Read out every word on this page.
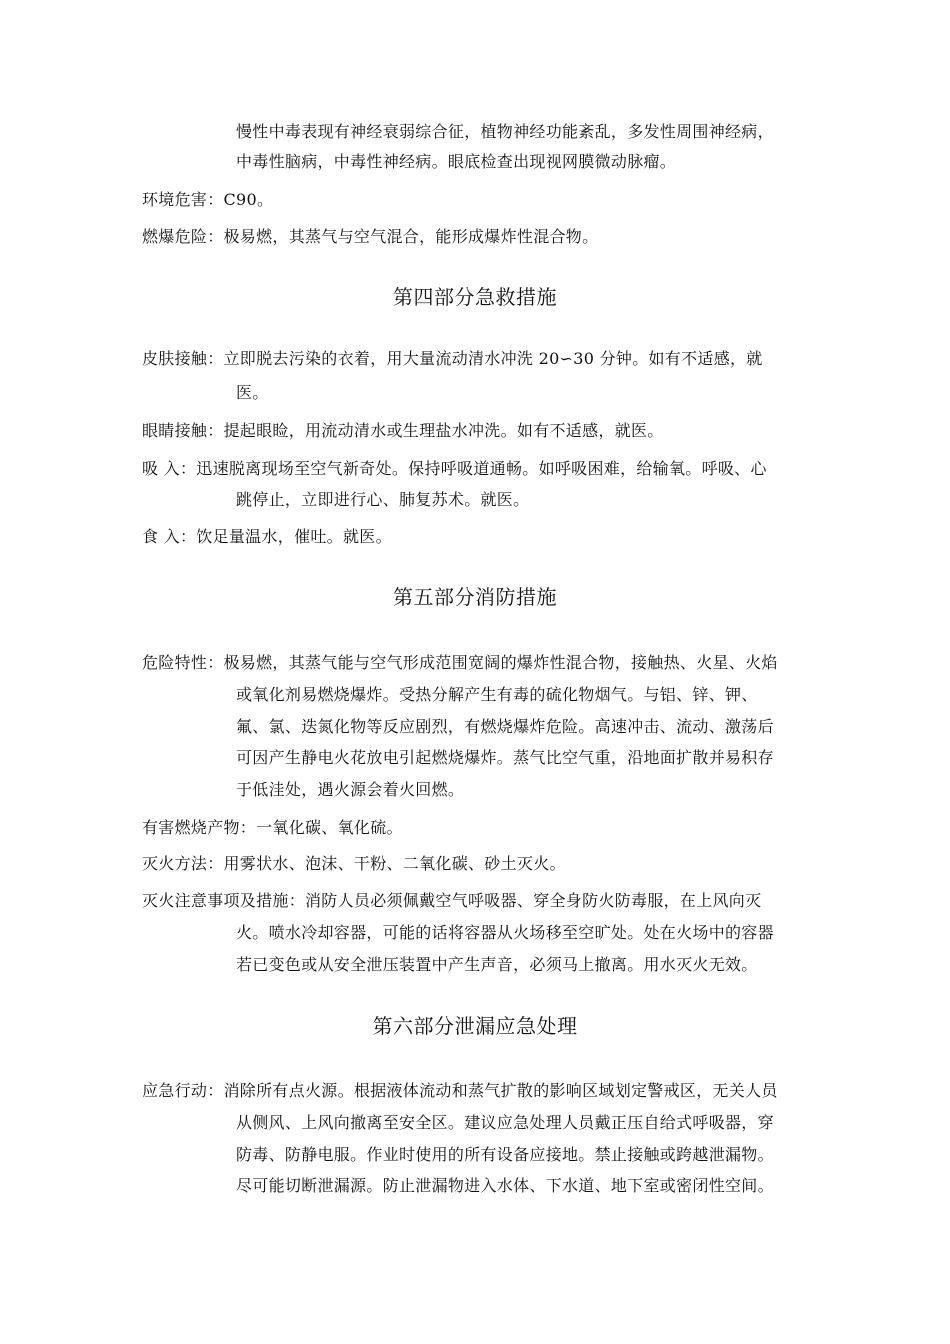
慢性中毒表现有神经衰弱综合征，植物神经功能紊乱，多发性周围神经病，
中毒性脑病，中毒性神经病。眼底检查出现视网膜微动脉瘤。
环境危害：C90。
燃爆危险：极易燃，其蒸气与空气混合，能形成爆炸性混合物。
第四部分急救措施
皮肤接触：立即脱去污染的衣着，用大量流动清水冲洗 20∽30 分钟。如有不适感，就
医。
眼睛接触：提起眼睑，用流动清水或生理盐水冲洗。如有不适感，就医。
吸 入：迅速脱离现场至空气新奇处。保持呼吸道通畅。如呼吸困难，给输氧。呼吸、心
跳停止，立即进行心、肺复苏术。就医。
食 入：饮足量温水，催吐。就医。
第五部分消防措施
危险特性：极易燃，其蒸气能与空气形成范围宽阔的爆炸性混合物，接触热、火星、火焰
或氧化剂易燃烧爆炸。受热分解产生有毒的硫化物烟气。与铝、锌、钾、
氟、氯、迭氮化物等反应剧烈，有燃烧爆炸危险。高速冲击、流动、激荡后
可因产生静电火花放电引起燃烧爆炸。蒸气比空气重，沿地面扩散并易积存
于低洼处，遇火源会着火回燃。
有害燃烧产物：一氧化碳、氧化硫。
灭火方法：用雾状水、泡沫、干粉、二氧化碳、砂土灭火。
灭火注意事项及措施：消防人员必须佩戴空气呼吸器、穿全身防火防毒服，在上风向灭
火。喷水冷却容器，可能的话将容器从火场移至空旷处。处在火场中的容器
若已变色或从安全泄压装置中产生声音，必须马上撤离。用水灭火无效。
第六部分泄漏应急处理
应急行动：消除所有点火源。根据液体流动和蒸气扩散的影响区域划定警戒区，无关人员
从侧风、上风向撤离至安全区。建议应急处理人员戴正压自给式呼吸器，穿
防毒、防静电服。作业时使用的所有设备应接地。禁止接触或跨越泄漏物。
尽可能切断泄漏源。防止泄漏物进入水体、下水道、地下室或密闭性空间。
